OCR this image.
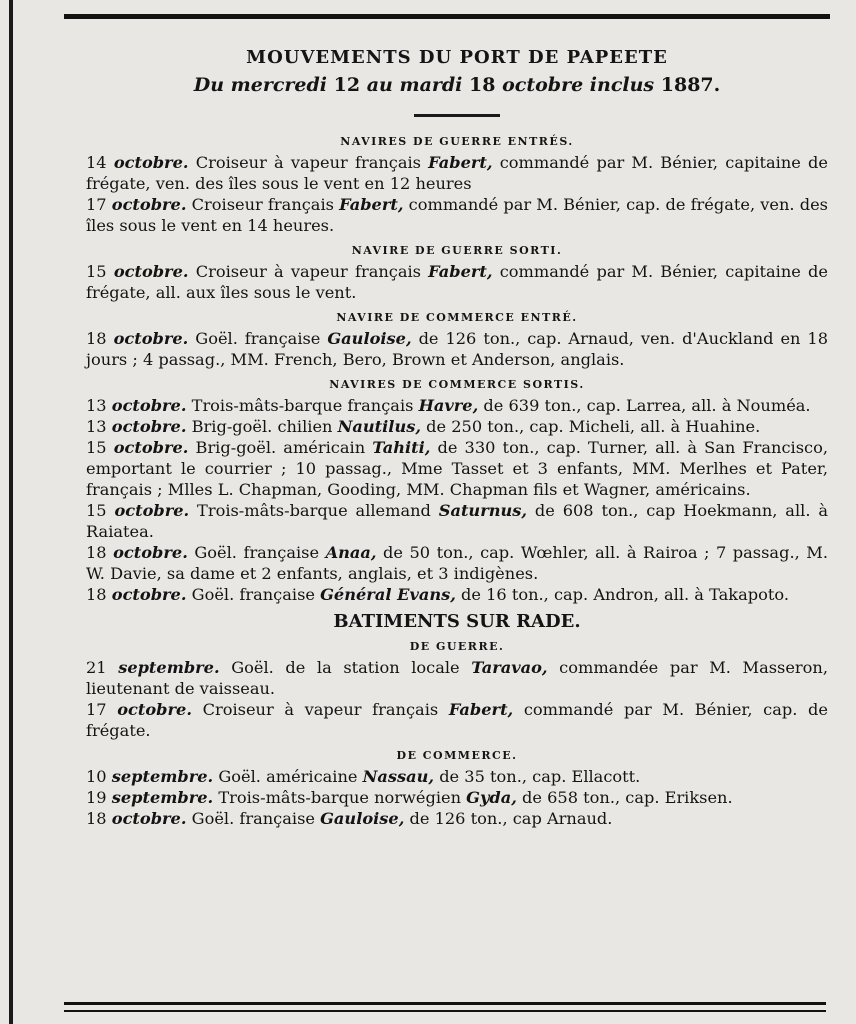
MOUVEMENTS DU PORT DE PAPEETE
Du mercredi 12 au mardi 18 octobre inclus 1887.
NAVIRES DE GUERRE ENTRÉS.

14 octobre. Croiseur à vapeur français Fabert, commandé par M. Bénier, capitaine de frégate, ven. des îles sous le vent en 12 heures

17 octobre. Croiseur français Fabert, commandé par M. Bénier, cap. de frégate, ven. des îles sous le vent en 14 heures.

NAVIRE DE GUERRE SORTI.

15 octobre. Croiseur à vapeur français Fabert, commandé par M. Bénier, capitaine de frégate, all. aux îles sous le vent.

NAVIRE DE COMMERCE ENTRÉ.

18 octobre. Goël. française Gauloise, de 126 ton., cap. Arnaud, ven. d'Auckland en 18 jours ; 4 passag., MM. French, Bero, Brown et Anderson, anglais.

NAVIRES DE COMMERCE SORTIS.

13 octobre. Trois-mâts-barque français Havre, de 639 ton., cap. Larrea, all. à Nouméa.

13 octobre. Brig-goël. chilien Nautilus, de 250 ton., cap. Micheli, all. à Huahine.

15 octobre. Brig-goël. américain Tahiti, de 330 ton., cap. Turner, all. à San Francisco, emportant le courrier ; 10 passag., Mme Tasset et 3 enfants, MM. Merlhes et Pater, français ; Mlles L. Chapman, Gooding, MM. Chapman fils et Wagner, américains.

15 octobre. Trois-mâts-barque allemand Saturnus, de 608 ton., cap Hoekmann, all. à Raiatea.

18 octobre. Goël. française Anaa, de 50 ton., cap. Wœhler, all. à Rairoa ; 7 passag., M. W. Davie, sa dame et 2 enfants, anglais, et 3 indigènes.

18 octobre. Goël. française Général Evans, de 16 ton., cap. Andron, all. à Takapoto.

BATIMENTS SUR RADE.
DE GUERRE.

21 septembre. Goël. de la station locale Taravao, commandée par M. Masseron, lieutenant de vaisseau.

17 octobre. Croiseur à vapeur français Fabert, commandé par M. Bénier, cap. de frégate.

DE COMMERCE.

10 septembre. Goël. américaine Nassau, de 35 ton., cap. Ellacott.

19 septembre. Trois-mâts-barque norwégien Gyda, de 658 ton., cap. Eriksen.

18 octobre. Goël. française Gauloise, de 126 ton., cap Arnaud.
